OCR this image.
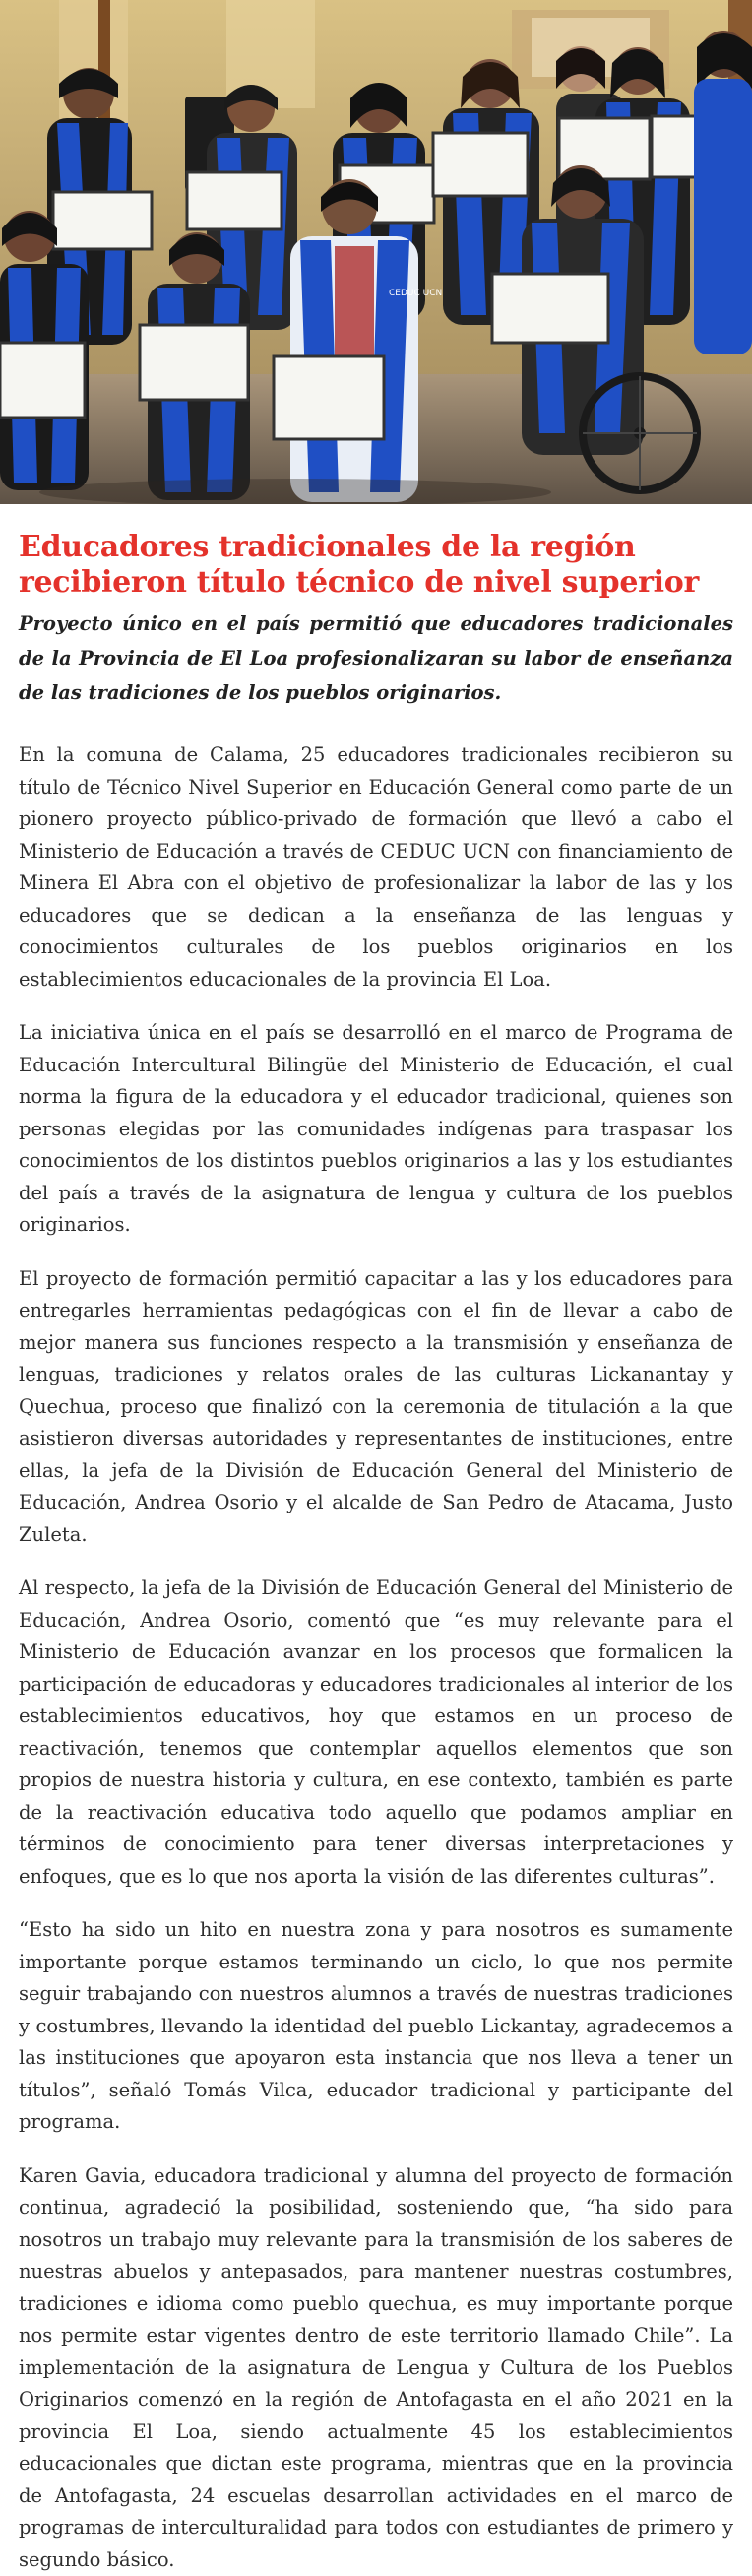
CEDUC UCN
Educadores tradicionales de la región recibieron título técnico de nivel superior

Proyecto único en el país permitió que educadores tradicionales de la Provincia de El Loa profesionalizaran su labor de enseñanza de las tradiciones de los pueblos originarios.

En la comuna de Calama, 25 educadores tradicionales recibieron su título de Técnico Nivel Superior en Educación General como parte de un pionero proyecto público-privado de formación que llevó a cabo el Ministerio de Educación a través de CEDUC UCN con financiamiento de Minera El Abra con el objetivo de profesionalizar la labor de las y los educadores que se dedican a la enseñanza de las lenguas y conocimientos culturales de los pueblos originarios en los establecimientos educacionales de la provincia El Loa.

La iniciativa única en el país se desarrolló en el marco de Programa de Educación Intercultural Bilingüe del Ministerio de Educación, el cual norma la figura de la educadora y el educador tradicional, quienes son personas elegidas por las comunidades indígenas para traspasar los conocimientos de los distintos pueblos originarios a las y los estudiantes del país a través de la asignatura de lengua y cultura de los pueblos originarios.

El proyecto de formación permitió capacitar a las y los educadores para entregarles herramientas pedagógicas con el fin de llevar a cabo de mejor manera sus funciones respecto a la transmisión y enseñanza de lenguas, tradiciones y relatos orales de las culturas Lickanantay y Quechua, proceso que finalizó con la ceremonia de titulación a la que asistieron diversas autoridades y representantes de instituciones, entre ellas, la jefa de la División de Educación General del Ministerio de Educación, Andrea Osorio y el alcalde de San Pedro de Atacama, Justo Zuleta.

Al respecto, la jefa de la División de Educación General del Ministerio de Educación, Andrea Osorio, comentó que “es muy relevante para el Ministerio de Educación avanzar en los procesos que formalicen la participación de educadoras y educadores tradicionales al interior de los establecimientos educativos, hoy que estamos en un proceso de reactivación, tenemos que contemplar aquellos elementos que son propios de nuestra historia y cultura, en ese contexto, también es parte de la reactivación educativa todo aquello que podamos ampliar en términos de conocimiento para tener diversas interpretaciones y enfoques, que es lo que nos aporta la visión de las diferentes culturas”.

“Esto ha sido un hito en nuestra zona y para nosotros es sumamente importante porque estamos terminando un ciclo, lo que nos permite seguir trabajando con nuestros alumnos a través de nuestras tradiciones y costumbres, llevando la identidad del pueblo Lickantay, agradecemos a las instituciones que apoyaron esta instancia que nos lleva a tener un títulos”, señaló Tomás Vilca, educador tradicional y participante del programa.

Karen Gavia, educadora tradicional y alumna del proyecto de formación continua, agradeció la posibilidad, sosteniendo que, “ha sido para nosotros un trabajo muy relevante para la transmisión de los saberes de nuestras abuelos y antepasados, para mantener nuestras costumbres, tradiciones e idioma como pueblo quechua, es muy importante porque nos permite estar vigentes dentro de este territorio llamado Chile”. La implementación de la asignatura de Lengua y Cultura de los Pueblos Originarios comenzó en la región de Antofagasta en el año 2021 en la provincia El Loa, siendo actualmente 45 los establecimientos educacionales que dictan este programa, mientras que en la provincia de Antofagasta, 24 escuelas desarrollan actividades en el marco de programas de interculturalidad para todos con estudiantes de primero y segundo básico.
